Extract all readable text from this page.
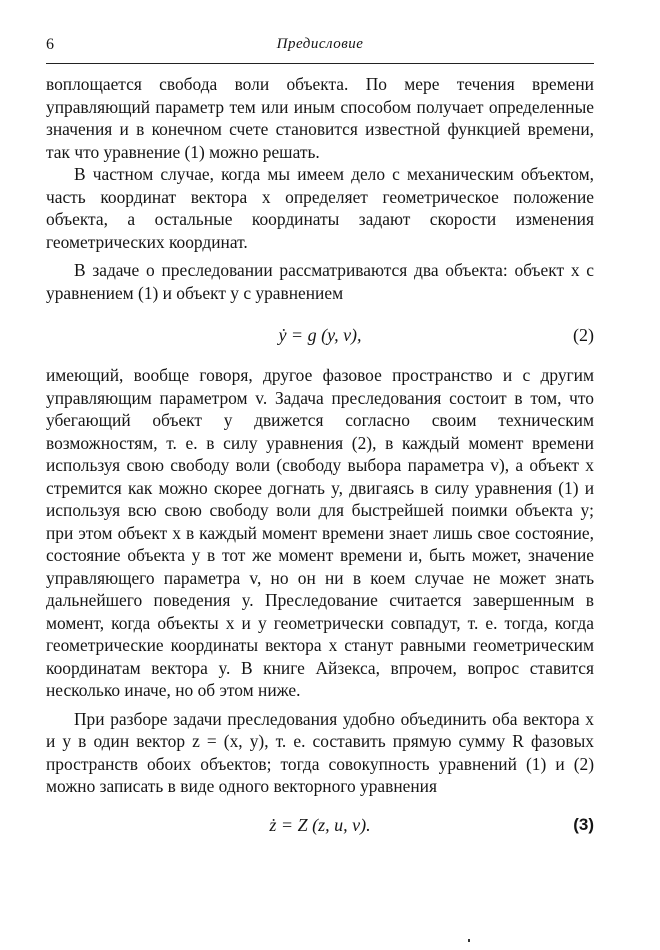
6	Предисловие

воплощается свобода воли объекта. По мере течения времени управляющий параметр тем или иным способом получает определенные значения и в конечном счете становится известной функцией времени, так что уравнение (1) можно решать.

В частном случае, когда мы имеем дело с механическим объектом, часть координат вектора x определяет геометрическое положение объекта, а остальные координаты задают скорости изменения геометрических координат.

В задаче о преследовании рассматриваются два объекта: объект x с уравнением (1) и объект y с уравнением

ẏ = g (y, v),	(2)

имеющий, вообще говоря, другое фазовое пространство и с другим управляющим параметром v. Задача преследования состоит в том, что убегающий объект y движется согласно своим техническим возможностям, т. е. в силу уравнения (2), в каждый момент времени используя свою свободу воли (свободу выбора параметра v), а объект x стремится как можно скорее догнать y, двигаясь в силу уравнения (1) и используя всю свою свободу воли для быстрейшей поимки объекта y; при этом объект x в каждый момент времени знает лишь свое состояние, состояние объекта y в тот же момент времени и, быть может, значение управляющего параметра v, но он ни в коем случае не может знать дальнейшего поведения y. Преследование считается завершенным в момент, когда объекты x и y геометрически совпадут, т. е. тогда, когда геометрические координаты вектора x станут равными геометрическим координатам вектора y. В книге Айзекса, впрочем, вопрос ставится несколько иначе, но об этом ниже.

При разборе задачи преследования удобно объединить оба вектора x и y в один вектор z = (x, y), т. е. составить прямую сумму R фазовых пространств обоих объектов; тогда совокупность уравнений (1) и (2) можно записать в виде одного векторного уравнения

ż = Z (z, u, v).	(3)
